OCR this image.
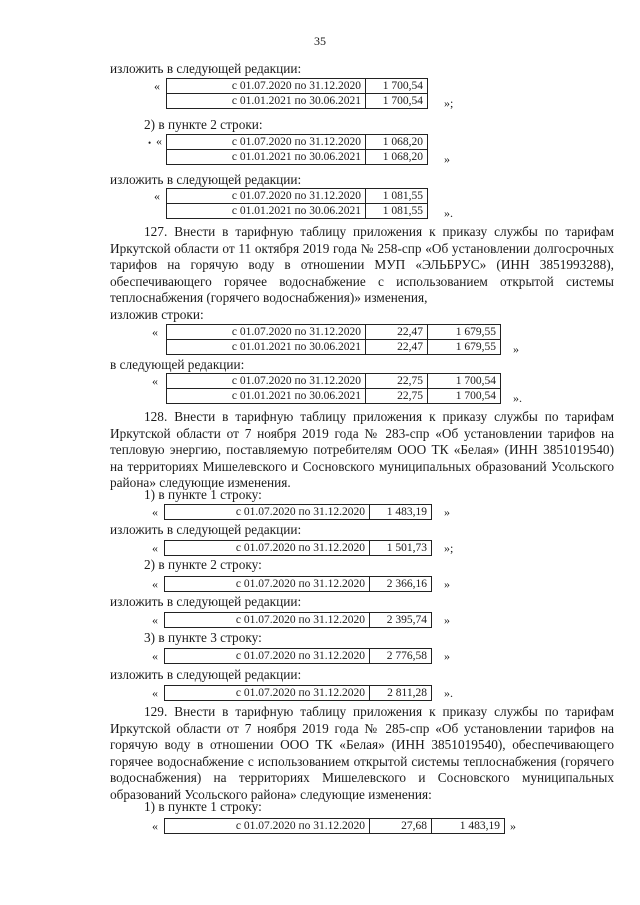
35
изложить в следующей редакции:
«	с 01.07.2020 по 31.12.2020	1 700,54
с 01.01.2021 по 30.06.2021	1 700,54 »;
2) в пункте 2 строки:
• «	с 01.07.2020 по 31.12.2020	1 068,20
с 01.01.2021 по 30.06.2021	1 068,20 »
изложить в следующей редакции:
«	с 01.07.2020 по 31.12.2020	1 081,55
с 01.01.2021 по 30.06.2021	1 081,55 ».
127. Внести в тарифную таблицу приложения к приказу службы по тарифам Иркутской области от 11 октября 2019 года № 258-спр «Об установлении долгосрочных тарифов на горячую воду в отношении МУП «ЭЛЬБРУС» (ИНН 3851993288), обеспечивающего горячее водоснабжение с использованием открытой системы теплоснабжения (горячего водоснабжения)» изменения,
изложив строки:
«	с 01.07.2020 по 31.12.2020	22,47	1 679,55
с 01.01.2021 по 30.06.2021	22,47	1 679,55 »
в следующей редакции:
«	с 01.07.2020 по 31.12.2020	22,75	1 700,54
с 01.01.2021 по 30.06.2021	22,75	1 700,54 ».
128. Внести в тарифную таблицу приложения к приказу службы по тарифам Иркутской области от 7 ноября 2019 года № 283-спр «Об установлении тарифов на тепловую энергию, поставляемую потребителям ООО ТК «Белая» (ИНН 3851019540) на территориях Мишелевского и Сосновского муниципальных образований Усольского района» следующие изменения.
1) в пункте 1 строку:
«	с 01.07.2020 по 31.12.2020	1 483,19 »
изложить в следующей редакции:
«	с 01.07.2020 по 31.12.2020	1 501,73 »;
2) в пункте 2 строку:
«	с 01.07.2020 по 31.12.2020	2 366,16 »
изложить в следующей редакции:
«	с 01.07.2020 по 31.12.2020	2 395,74 »
3) в пункте 3 строку:
«	с 01.07.2020 по 31.12.2020	2 776,58 »
изложить в следующей редакции:
«	с 01.07.2020 по 31.12.2020	2 811,28 ».
129. Внести в тарифную таблицу приложения к приказу службы по тарифам Иркутской области от 7 ноября 2019 года № 285-спр «Об установлении тарифов на горячую воду в отношении ООО ТК «Белая» (ИНН 3851019540), обеспечивающего горячее водоснабжение с использованием открытой системы теплоснабжения (горячего водоснабжения) на территориях Мишелевского и Сосновского муниципальных образований Усольского района» следующие изменения:
1) в пункте 1 строку:
«	с 01.07.2020 по 31.12.2020	27,68	1 483,19 »
